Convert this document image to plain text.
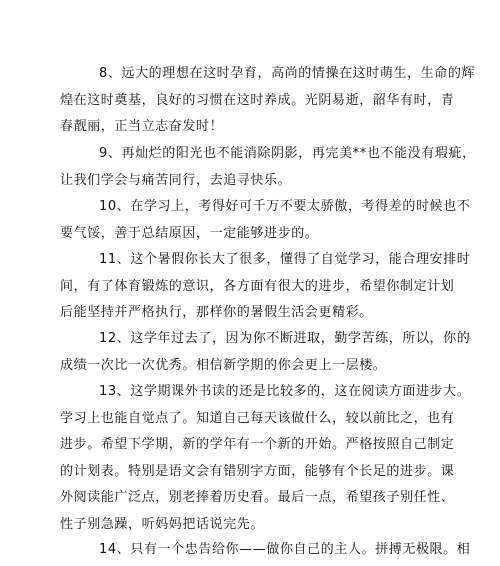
8、远大的理想在这时孕育，高尚的情操在这时萌生，生命的辉
煌在这时奠基，良好的习惯在这时养成。光阴易逝，韶华有时，青
春靓丽，正当立志奋发时！
9、再灿烂的阳光也不能消除阴影，再完美**也不能没有瑕疵，
让我们学会与痛苦同行，去追寻快乐。
10、在学习上，考得好可千万不要太骄傲，考得差的时候也不
要气馁，善于总结原因，一定能够进步的。
11、这个暑假你长大了很多，懂得了自觉学习，能合理安排时
间，有了体育锻炼的意识，各方面有很大的进步，希望你制定计划
后能坚持并严格执行，那样你的暑假生活会更精彩。
12、这学年过去了，因为你不断进取，勤学苦练，所以，你的
成绩一次比一次优秀。相信新学期的你会更上一层楼。
13、这学期课外书读的还是比较多的，这在阅读方面进步大。
学习上也能自觉点了。知道自己每天该做什么，较以前比之，也有
进步。希望下学期，新的学年有一个新的开始。严格按照自己制定
的计划表。特别是语文会有错别字方面，能够有个长足的进步。课
外阅读能广泛点，别老捧着历史看。最后一点，希望孩子别任性、
性子别急躁，听妈妈把话说完先。
14、只有一个忠告给你——做你自己的主人。拼搏无极限。相
